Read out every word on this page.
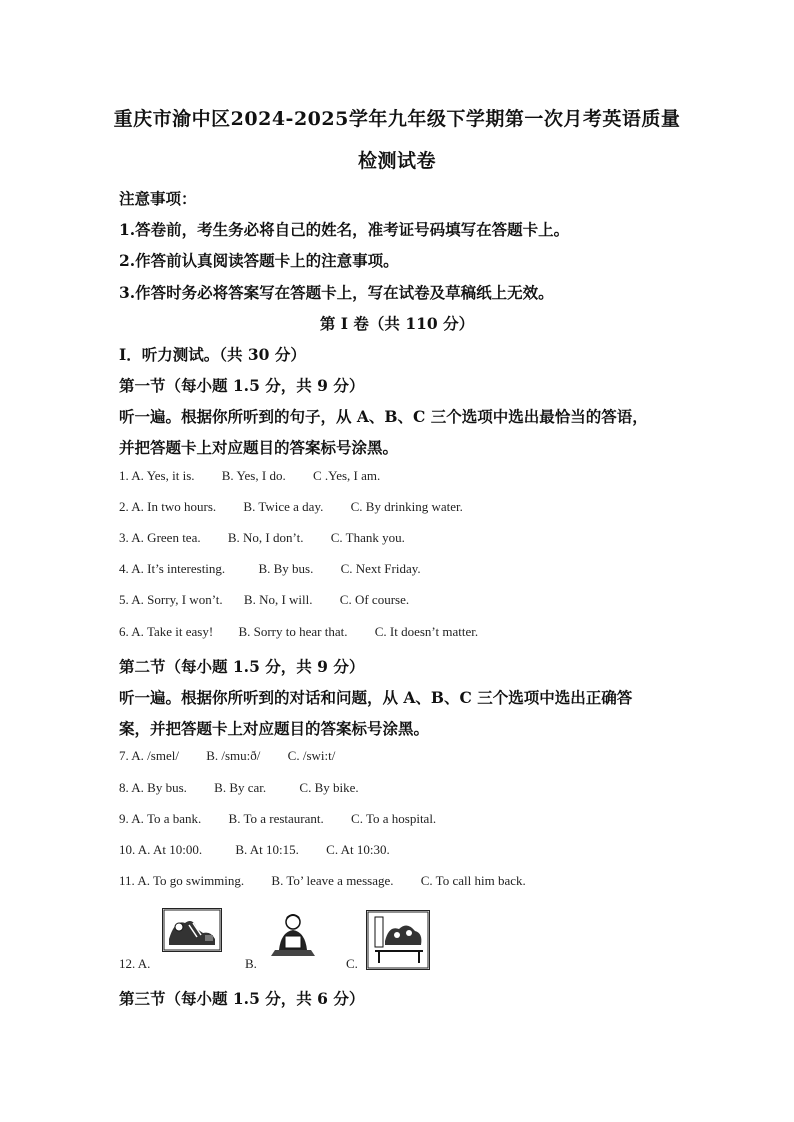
重庆市渝中区2024-2025学年九年级下学期第一次月考英语质量
检测试卷
注意事项：
1.答卷前，考生务必将自己的姓名，准考证号码填写在答题卡上。
2.作答前认真阅读答题卡上的注意事项。
3.作答时务必将答案写在答题卡上，写在试卷及草稿纸上无效。
第 I 卷（共 110 分）
I．听力测试。（共 30 分）
第一节（每小题 1.5 分，共 9 分）
听一遍。根据你所听到的句子，从 A、B、C 三个选项中选出最恰当的答语，
并把答题卡上对应题目的答案标号涂黑。
1. A. Yes, it is. B. Yes, I do. C .Yes, I am.
2. A. In two hours. B. Twice a day. C. By drinking water.
3. A. Green tea. B. No, I don’t. C. Thank you.
4. A. It’s interesting.	B. By bus. C. Next Friday.
5. A. Sorry, I won’t. B. No, I will. C. Of course.
6. A. Take it easy! B. Sorry to hear that. C. It doesn’t matter.
第二节（每小题 1.5 分，共 9 分）
听一遍。根据你所听到的对话和问题，从 A、B、C 三个选项中选出正确答
案，并把答题卡上对应题目的答案标号涂黑。
7. A. /smel/ B. /smu:ð/ C. /swi:t/
8. A. By bus. B. By car.	C. By bike.
9. A. To a bank. B. To a restaurant. C. To a hospital.
10. A. At 10:00.	B. At 10:15. C. At 10:30.
11. A. To go swimming. B. To’ leave a message. C. To call him back.
12. A.	B.	C.
第三节（每小题 1.5 分，共 6 分）
